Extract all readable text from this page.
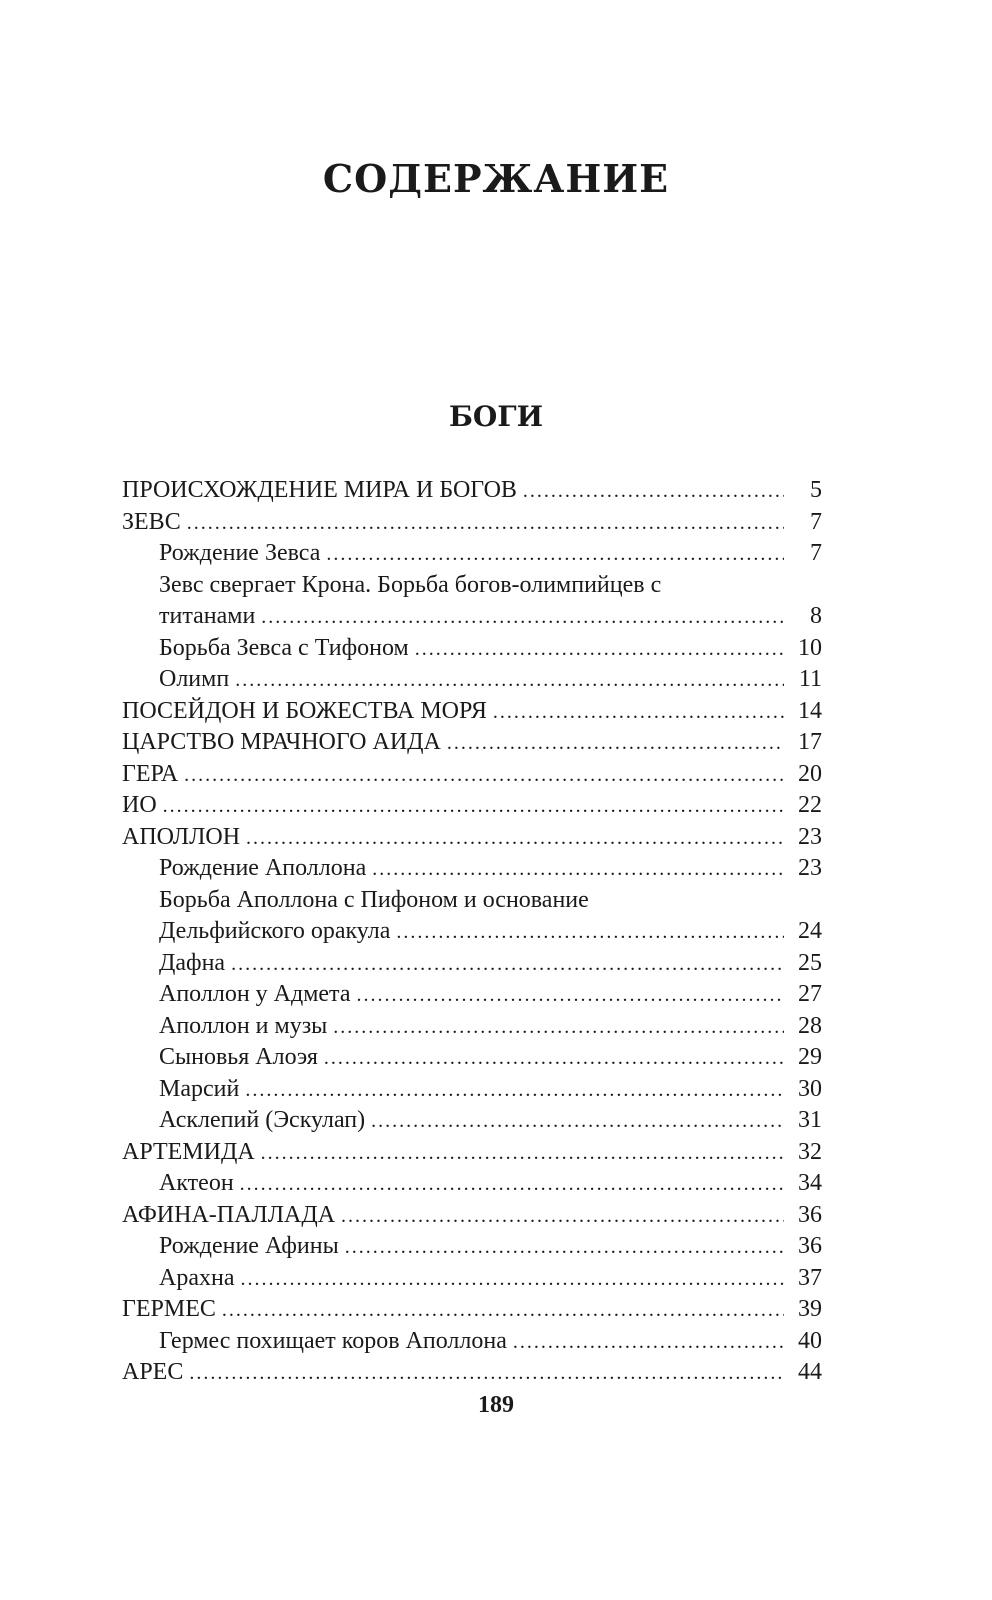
СОДЕРЖАНИЕ
БОГИ
ПРОИСХОЖДЕНИЕ МИРА И БОГОВ .....	5
ЗЕВС .....	7
Рождение Зевса .....	7
Зевс свергает Крона. Борьба богов-олимпийцев с
титанами .....	8
Борьба Зевса с Тифоном .....	10
Олимп .....	11
ПОСЕЙДОН И БОЖЕСТВА МОРЯ .....	14
ЦАРСТВО МРАЧНОГО АИДА .....	17
ГЕРА .....	20
ИО .....	22
АПОЛЛОН .....	23
Рождение Аполлона .....	23
Борьба Аполлона с Пифоном и основание
Дельфийского оракула .....	24
Дафна .....	25
Аполлон у Адмета .....	27
Аполлон и музы .....	28
Сыновья Алоэя .....	29
Марсий .....	30
Асклепий (Эскулап) .....	31
АРТЕМИДА .....	32
Актеон .....	34
АФИНА-ПАЛЛАДА .....	36
Рождение Афины .....	36
Арахна .....	37
ГЕРМЕС .....	39
Гермес похищает коров Аполлона .....	40
АРЕС .....	44
189
